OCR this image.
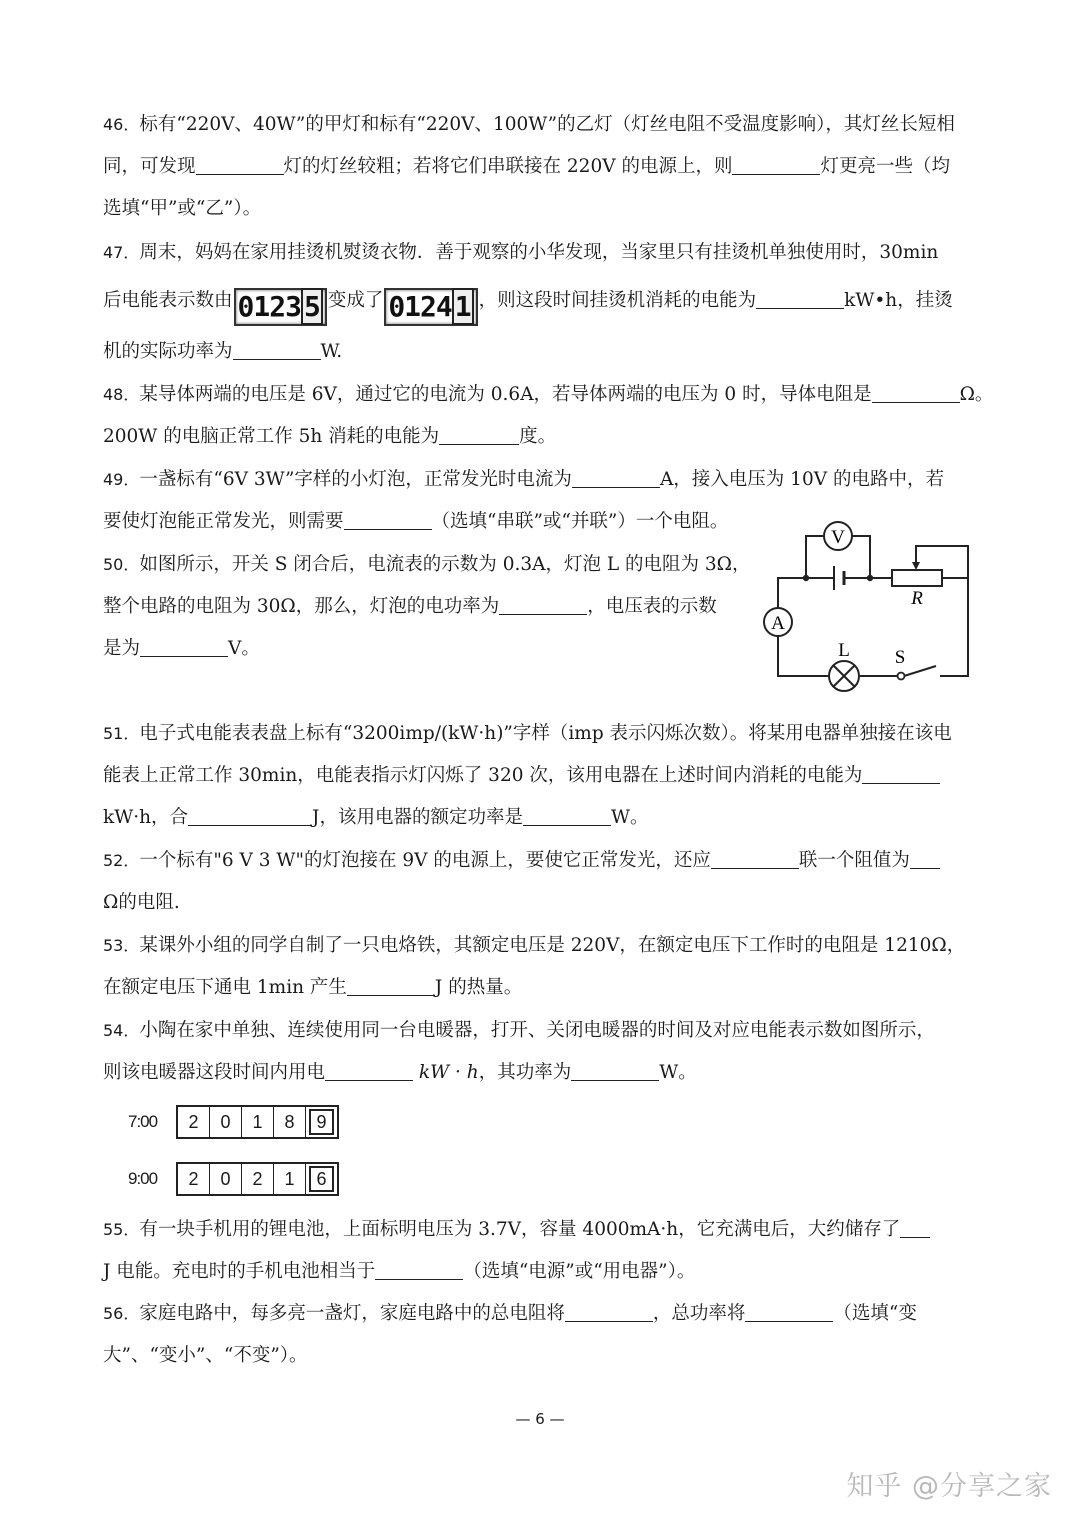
46．标有“220V、40W”的甲灯和标有“220V、100W”的乙灯（灯丝电阻不受温度影响），其灯丝长短相
同，可发现	灯的灯丝较粗；若将它们串联接在 220V 的电源上，则	灯更亮一些（均
选填“甲”或“乙”）。
47．周末，妈妈在家用挂烫机熨烫衣物．善于观察的小华发现，当家里只有挂烫机单独使用时，30min
后电能表示数由 0123 5 变成了 0124 1 ，则这段时间挂烫机消耗的电能为	kW•h，挂烫
机的实际功率为	W.
48．某导体两端的电压是 6V，通过它的电流为 0.6A，若导体两端的电压为 0 时，导体电阻是	Ω。
200W 的电脑正常工作 5h 消耗的电能为	度。
49．一盏标有“6V 3W”字样的小灯泡，正常发光时电流为	A，接入电压为 10V 的电路中，若
要使灯泡能正常发光，则需要	（选填“串联”或“并联”）一个电阻。
50．如图所示，开关 S 闭合后，电流表的示数为 0.3A，灯泡 L 的电阻为 3Ω，
整个电路的电阻为 30Ω，那么，灯泡的电功率为	，电压表的示数
是为	V。
V
A
L
R
S
51．电子式电能表表盘上标有“3200imp/(kW·h)”字样（imp 表示闪烁次数）。将某用电器单独接在该电
能表上正常工作 30min，电能表指示灯闪烁了 320 次，该用电器在上述时间内消耗的电能为
kW·h，合	J，该用电器的额定功率是	W。
52．一个标有"6 V 3 W"的灯泡接在 9V 的电源上，要使它正常发光，还应	联一个阻值为
Ω的电阻.
53．某课外小组的同学自制了一只电烙铁，其额定电压是 220V，在额定电压下工作时的电阻是 1210Ω，
在额定电压下通电 1min 产生	J 的热量。
54．小陶在家中单独、连续使用同一台电暖器，打开、关闭电暖器的时间及对应电能表示数如图所示，
则该电暖器这段时间内用电	kW · h，其功率为	W。
7:00	2	0	1	8	9
9:00	2	0	2	1	6
55．有一块手机用的锂电池，上面标明电压为 3.7V，容量 4000mA·h，它充满电后，大约储存了
J 电能。充电时的手机电池相当于	（选填“电源”或“用电器”）。
56．家庭电路中，每多亮一盏灯，家庭电路中的总电阻将	，总功率将	（选填“变
大”、“变小”、“不变”）。
— 6 —
知乎 @分享之家
